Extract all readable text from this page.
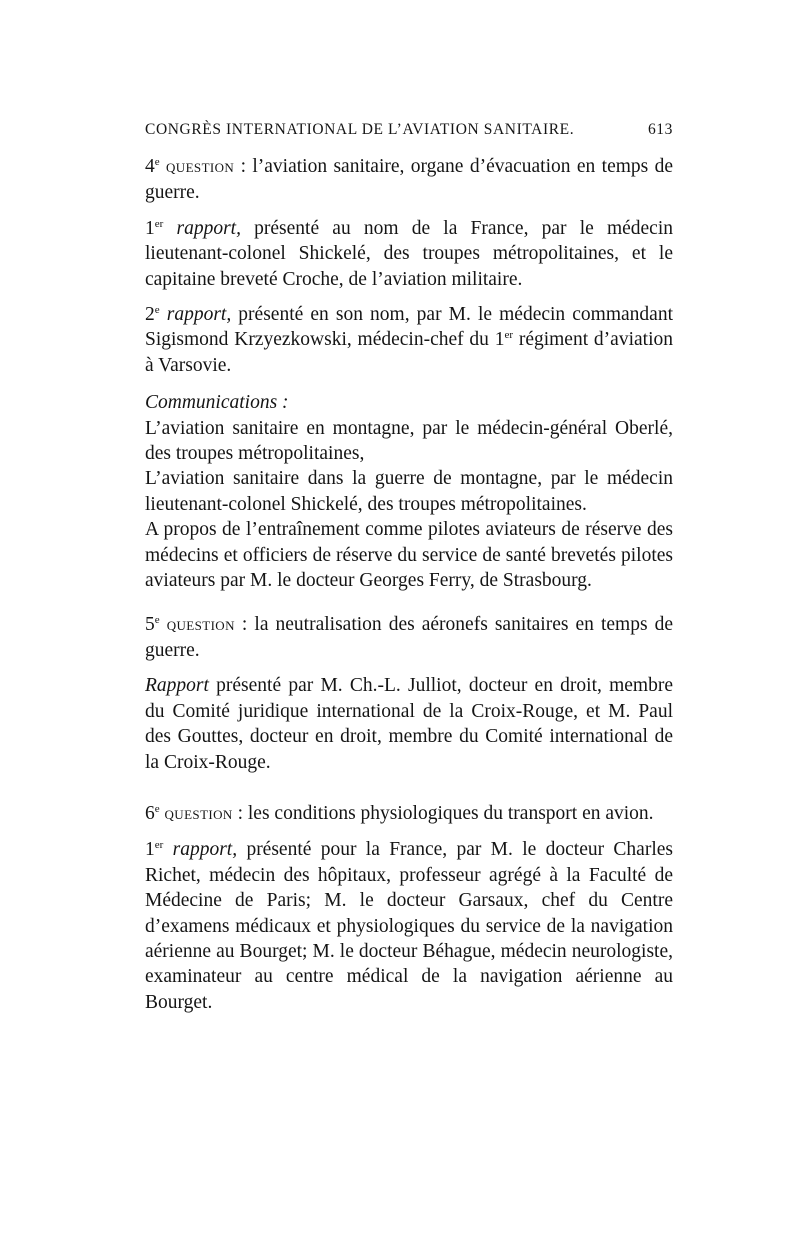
CONGRÈS INTERNATIONAL DE L’AVIATION SANITAIRE.	613

4e QUESTION : l’aviation sanitaire, organe d’évacuation en temps de guerre.

1er rapport, présenté au nom de la France, par le médecin lieutenant-colonel Shickelé, des troupes métropolitaines, et le capitaine breveté Croche, de l’aviation militaire.

2e rapport, présenté en son nom, par M. le médecin commandant Sigismond Krzyezkowski, médecin-chef du 1er régiment d’aviation à Varsovie.

Communications :

L’aviation sanitaire en montagne, par le médecin-général Oberlé, des troupes métropolitaines,

L’aviation sanitaire dans la guerre de montagne, par le médecin lieutenant-colonel Shickelé, des troupes métropolitaines.

A propos de l’entraînement comme pilotes aviateurs de réserve des médecins et officiers de réserve du service de santé brevetés pilotes aviateurs par M. le docteur Georges Ferry, de Strasbourg.

5e QUESTION : la neutralisation des aéronefs sanitaires en temps de guerre.

Rapport présenté par M. Ch.-L. Julliot, docteur en droit, membre du Comité juridique international de la Croix-Rouge, et M. Paul des Gouttes, docteur en droit, membre du Comité international de la Croix-Rouge.

6e QUESTION : les conditions physiologiques du transport en avion.

1er rapport, présenté pour la France, par M. le docteur Charles Richet, médecin des hôpitaux, professeur agrégé à la Faculté de Médecine de Paris; M. le docteur Garsaux, chef du Centre d’examens médicaux et physiologiques du service de la navigation aérienne au Bourget; M. le docteur Béhague, médecin neurologiste, examinateur au centre médical de la navigation aérienne au Bourget.
